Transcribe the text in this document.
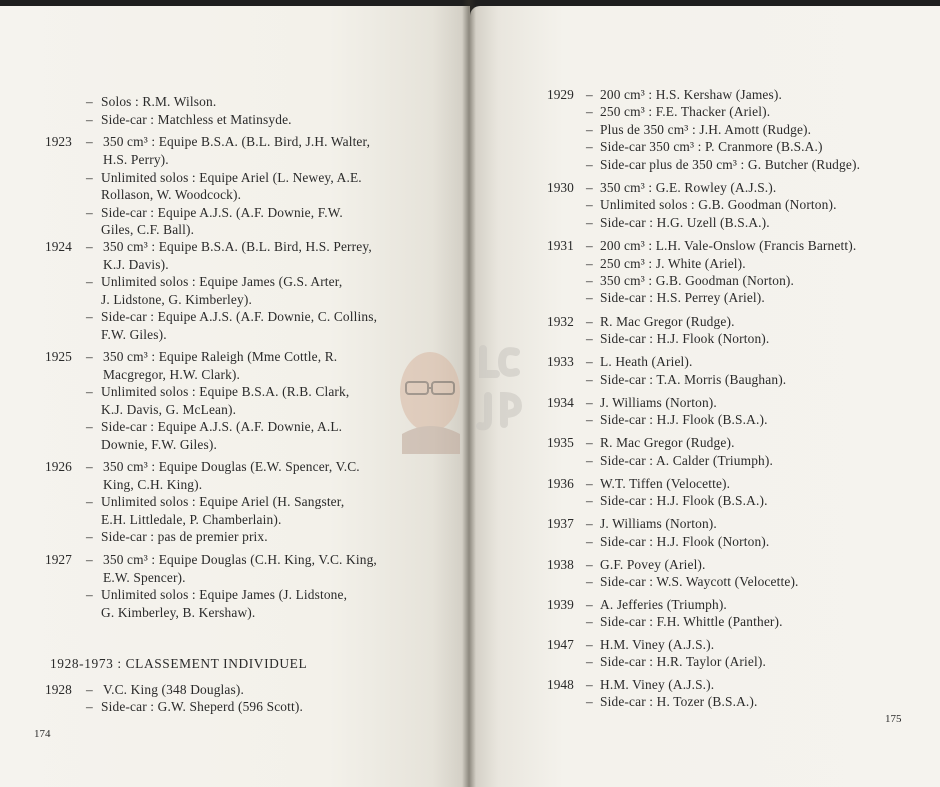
– Solos : R.M. Wilson.
– Side-car : Matchless et Matinsyde.
1923 – 350 cm³ : Equipe B.S.A. (B.L. Bird, J.H. Walter,
H.S. Perry).
– Unlimited solos : Equipe Ariel (L. Newey, A.E.
Rollason, W. Woodcock).
– Side-car : Equipe A.J.S. (A.F. Downie, F.W.
Giles, C.F. Ball).
1924 – 350 cm³ : Equipe B.S.A. (B.L. Bird, H.S. Perrey,
K.J. Davis).
– Unlimited solos : Equipe James (G.S. Arter,
J. Lidstone, G. Kimberley).
– Side-car : Equipe A.J.S. (A.F. Downie, C. Collins,
F.W. Giles).
1925 – 350 cm³ : Equipe Raleigh (Mme Cottle, R.
Macgregor, H.W. Clark).
– Unlimited solos : Equipe B.S.A. (R.B. Clark,
K.J. Davis, G. McLean).
– Side-car : Equipe A.J.S. (A.F. Downie, A.L.
Downie, F.W. Giles).
1926 – 350 cm³ : Equipe Douglas (E.W. Spencer, V.C.
King, C.H. King).
– Unlimited solos : Equipe Ariel (H. Sangster,
E.H. Littledale, P. Chamberlain).
– Side-car : pas de premier prix.
1927 – 350 cm³ : Equipe Douglas (C.H. King, V.C. King,
E.W. Spencer).
– Unlimited solos : Equipe James (J. Lidstone,
G. Kimberley, B. Kershaw).
1928 – V.C. King (348 Douglas).
– Side-car : G.W. Sheperd (596 Scott).
174
1928-1973 : CLASSEMENT INDIVIDUEL
1929 – 200 cm³ : H.S. Kershaw (James).
– 250 cm³ : F.E. Thacker (Ariel).
– Plus de 350 cm³ : J.H. Amott (Rudge).
– Side-car 350 cm³ : P. Cranmore (B.S.A.)
– Side-car plus de 350 cm³ : G. Butcher (Rudge).
1930 – 350 cm³ : G.E. Rowley (A.J.S.).
– Unlimited solos : G.B. Goodman (Norton).
– Side-car : H.G. Uzell (B.S.A.).
1931 – 200 cm³ : L.H. Vale-Onslow (Francis Barnett).
– 250 cm³ : J. White (Ariel).
– 350 cm³ : G.B. Goodman (Norton).
– Side-car : H.S. Perrey (Ariel).
1932 – R. Mac Gregor (Rudge).
– Side-car : H.J. Flook (Norton).
1933 – L. Heath (Ariel).
– Side-car : T.A. Morris (Baughan).
1934 – J. Williams (Norton).
– Side-car : H.J. Flook (B.S.A.).
1935 – R. Mac Gregor (Rudge).
– Side-car : A. Calder (Triumph).
1936 – W.T. Tiffen (Velocette).
– Side-car : H.J. Flook (B.S.A.).
1937 – J. Williams (Norton).
– Side-car : H.J. Flook (Norton).
1938 – G.F. Povey (Ariel).
– Side-car : W.S. Waycott (Velocette).
1939 – A. Jefferies (Triumph).
– Side-car : F.H. Whittle (Panther).
1947 – H.M. Viney (A.J.S.).
– Side-car : H.R. Taylor (Ariel).
1948 – H.M. Viney (A.J.S.).
– Side-car : H. Tozer (B.S.A.).
175
